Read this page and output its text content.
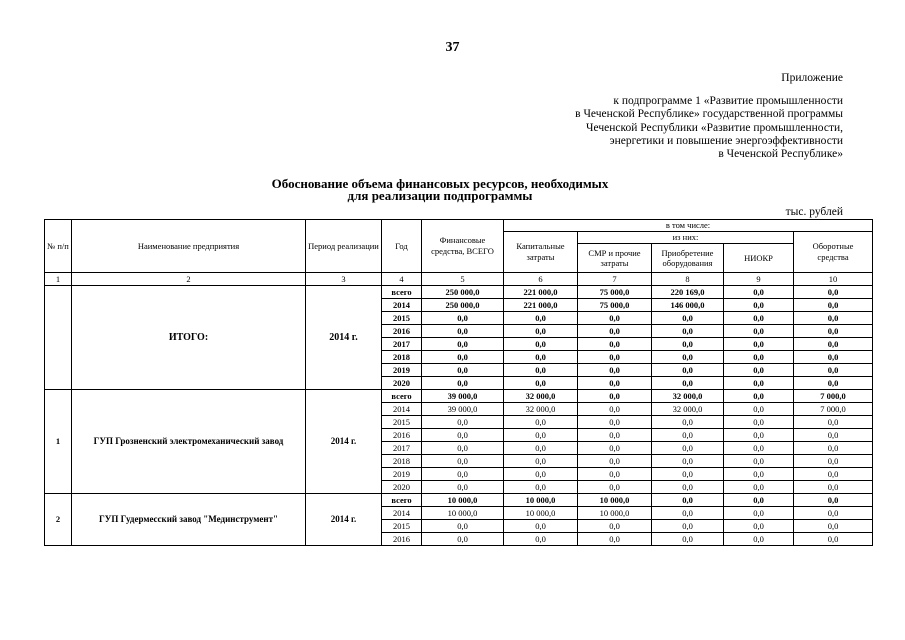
37
Приложение
к подпрограмме 1 «Развитие промышленности
в Чеченской Республике» государственной программы
Чеченской Республики «Развитие промышленности,
энергетики и повышение энергоэффективности
в Чеченской Республике»
Обоснование объема финансовых ресурсов, необходимых
для реализации подпрограммы
тыс. рублей
№ п/п	Наименование предприятия	Период реализации	Год	Финансовые средства, ВСЕГО	в том числе:				
					Капитальные затраты	из них:			Оборотные средства
						СМР и прочие затраты	Приобретение оборудования	НИОКР	
1	2	3	4	5	6	7	8	9	10
	ИТОГО:	2014 г.	всего	250 000,0	221 000,0	75 000,0	220 169,0	0,0	0,0
			2014	250 000,0	221 000,0	75 000,0	146 000,0	0,0	0,0
			2015	0,0	0,0	0,0	0,0	0,0	0,0
			2016	0,0	0,0	0,0	0,0	0,0	0,0
			2017	0,0	0,0	0,0	0,0	0,0	0,0
			2018	0,0	0,0	0,0	0,0	0,0	0,0
			2019	0,0	0,0	0,0	0,0	0,0	0,0
			2020	0,0	0,0	0,0	0,0	0,0	0,0
1	ГУП Грозненский электромеханический завод	2014 г.	всего	39 000,0	32 000,0	0,0	32 000,0	0,0	7 000,0
			2014	39 000,0	32 000,0	0,0	32 000,0	0,0	7 000,0
			2015	0,0	0,0	0,0	0,0	0,0	0,0
			2016	0,0	0,0	0,0	0,0	0,0	0,0
			2017	0,0	0,0	0,0	0,0	0,0	0,0
			2018	0,0	0,0	0,0	0,0	0,0	0,0
			2019	0,0	0,0	0,0	0,0	0,0	0,0
			2020	0,0	0,0	0,0	0,0	0,0	0,0
2	ГУП Гудермесский завод "Мединструмент"	2014 г.	всего	10 000,0	10 000,0	10 000,0	0,0	0,0	0,0
			2014	10 000,0	10 000,0	10 000,0	0,0	0,0	0,0
			2015	0,0	0,0	0,0	0,0	0,0	0,0
			2016	0,0	0,0	0,0	0,0	0,0	0,0
